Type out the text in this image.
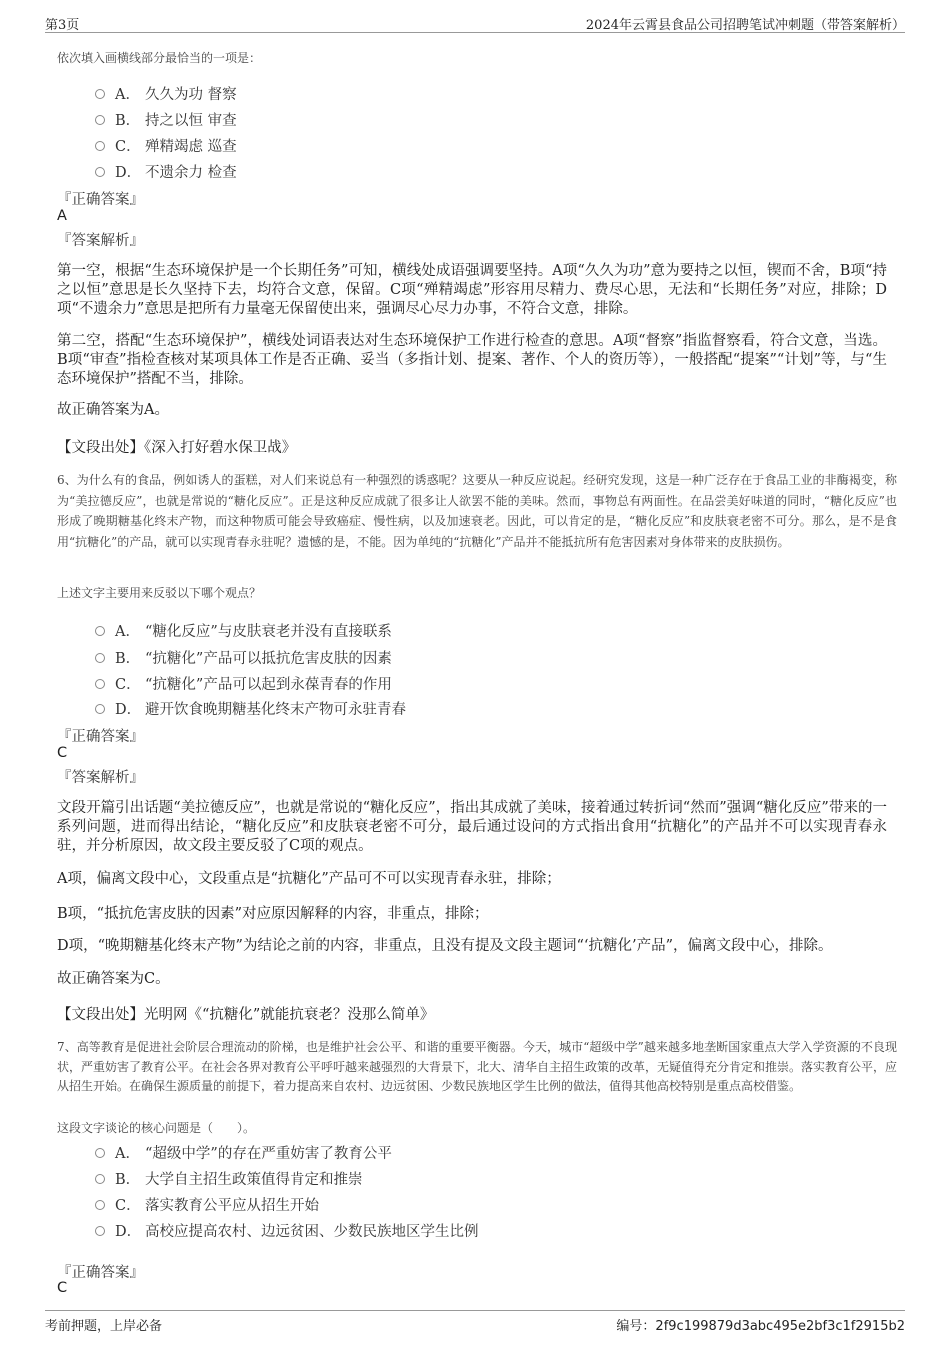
第3页	2024年云霄县食品公司招聘笔试冲刺题（带答案解析）
依次填入画横线部分最恰当的一项是：
A． 久久为功 督察
B． 持之以恒 审查
C． 殚精竭虑 巡查
D． 不遗余力 检查
『正确答案』
A
『答案解析』
第一空，根据“生态环境保护是一个长期任务”可知，横线处成语强调要坚持。A项“久久为功”意为要持之以恒，锲而不舍，B项“持之以恒”意思是长久坚持下去，均符合文意，保留。C项“殚精竭虑”形容用尽精力、费尽心思，无法和“长期任务”对应，排除；D项“不遗余力”意思是把所有力量毫无保留使出来，强调尽心尽力办事，不符合文意，排除。
第二空，搭配“生态环境保护”，横线处词语表达对生态环境保护工作进行检查的意思。A项“督察”指监督察看，符合文意，当选。B项“审查”指检查核对某项具体工作是否正确、妥当（多指计划、提案、著作、个人的资历等），一般搭配“提案”“计划”等，与“生态环境保护”搭配不当，排除。
故正确答案为A。
【文段出处】《深入打好碧水保卫战》
6、为什么有的食品，例如诱人的蛋糕，对人们来说总有一种强烈的诱惑呢？这要从一种反应说起。经研究发现，这是一种广泛存在于食品工业的非酶褐变，称为“美拉德反应”，也就是常说的“糖化反应”。正是这种反应成就了很多让人欲罢不能的美味。然而，事物总有两面性。在品尝美好味道的同时，“糖化反应”也形成了晚期糖基化终末产物，而这种物质可能会导致癌症、慢性病，以及加速衰老。因此，可以肯定的是，“糖化反应”和皮肤衰老密不可分。那么，是不是食用“抗糖化”的产品，就可以实现青春永驻呢？遗憾的是，不能。因为单纯的“抗糖化”产品并不能抵抗所有危害因素对身体带来的皮肤损伤。
上述文字主要用来反驳以下哪个观点？
A． “糖化反应”与皮肤衰老并没有直接联系
B． “抗糖化”产品可以抵抗危害皮肤的因素
C． “抗糖化”产品可以起到永葆青春的作用
D． 避开饮食晚期糖基化终末产物可永驻青春
『正确答案』
C
『答案解析』
文段开篇引出话题“美拉德反应”，也就是常说的“糖化反应”，指出其成就了美味，接着通过转折词“然而”强调“糖化反应”带来的一系列问题，进而得出结论，“糖化反应”和皮肤衰老密不可分，最后通过设问的方式指出食用“抗糖化”的产品并不可以实现青春永驻，并分析原因，故文段主要反驳了C项的观点。
A项，偏离文段中心，文段重点是“抗糖化”产品可不可以实现青春永驻，排除；
B项，“抵抗危害皮肤的因素”对应原因解释的内容，非重点，排除；
D项，“晚期糖基化终末产物”为结论之前的内容，非重点，且没有提及文段主题词“‘抗糖化’产品”，偏离文段中心，排除。
故正确答案为C。
【文段出处】光明网《“抗糖化”就能抗衰老？没那么简单》
7、高等教育是促进社会阶层合理流动的阶梯，也是维护社会公平、和谐的重要平衡器。今天，城市“超级中学”越来越多地垄断国家重点大学入学资源的不良现状，严重妨害了教育公平。在社会各界对教育公平呼吁越来越强烈的大背景下，北大、清华自主招生政策的改革，无疑值得充分肯定和推崇。落实教育公平，应从招生开始。在确保生源质量的前提下，着力提高来自农村、边远贫困、少数民族地区学生比例的做法，值得其他高校特别是重点高校借鉴。
这段文字谈论的核心问题是（　　）。
A． “超级中学”的存在严重妨害了教育公平
B． 大学自主招生政策值得肯定和推崇
C． 落实教育公平应从招生开始
D． 高校应提高农村、边远贫困、少数民族地区学生比例
『正确答案』
C
考前押题，上岸必备	编号：2f9c199879d3abc495e2bf3c1f2915b2
